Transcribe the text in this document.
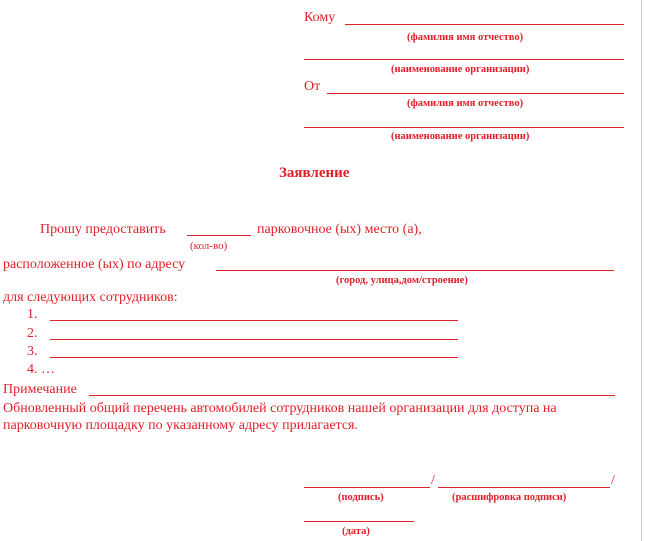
Кому
(фамилия имя отчество)
(наименование организации)
От
(фамилия имя отчество)
(наименование организации)
Заявление
Прошу предоставить	парковочное (ых) место (а),
(кол-во)
расположенное (ых) по адресу
(город, улица,дом/строение)
для следующих сотрудников:
1.
2.
3.
4. …
Примечание
Обновленный общий перечень автомобилей сотрудников нашей организации для доступа на
парковочную площадку по указанному адресу прилагается.
/	/
(подпись)	(расшифровка подписи)
(дата)
